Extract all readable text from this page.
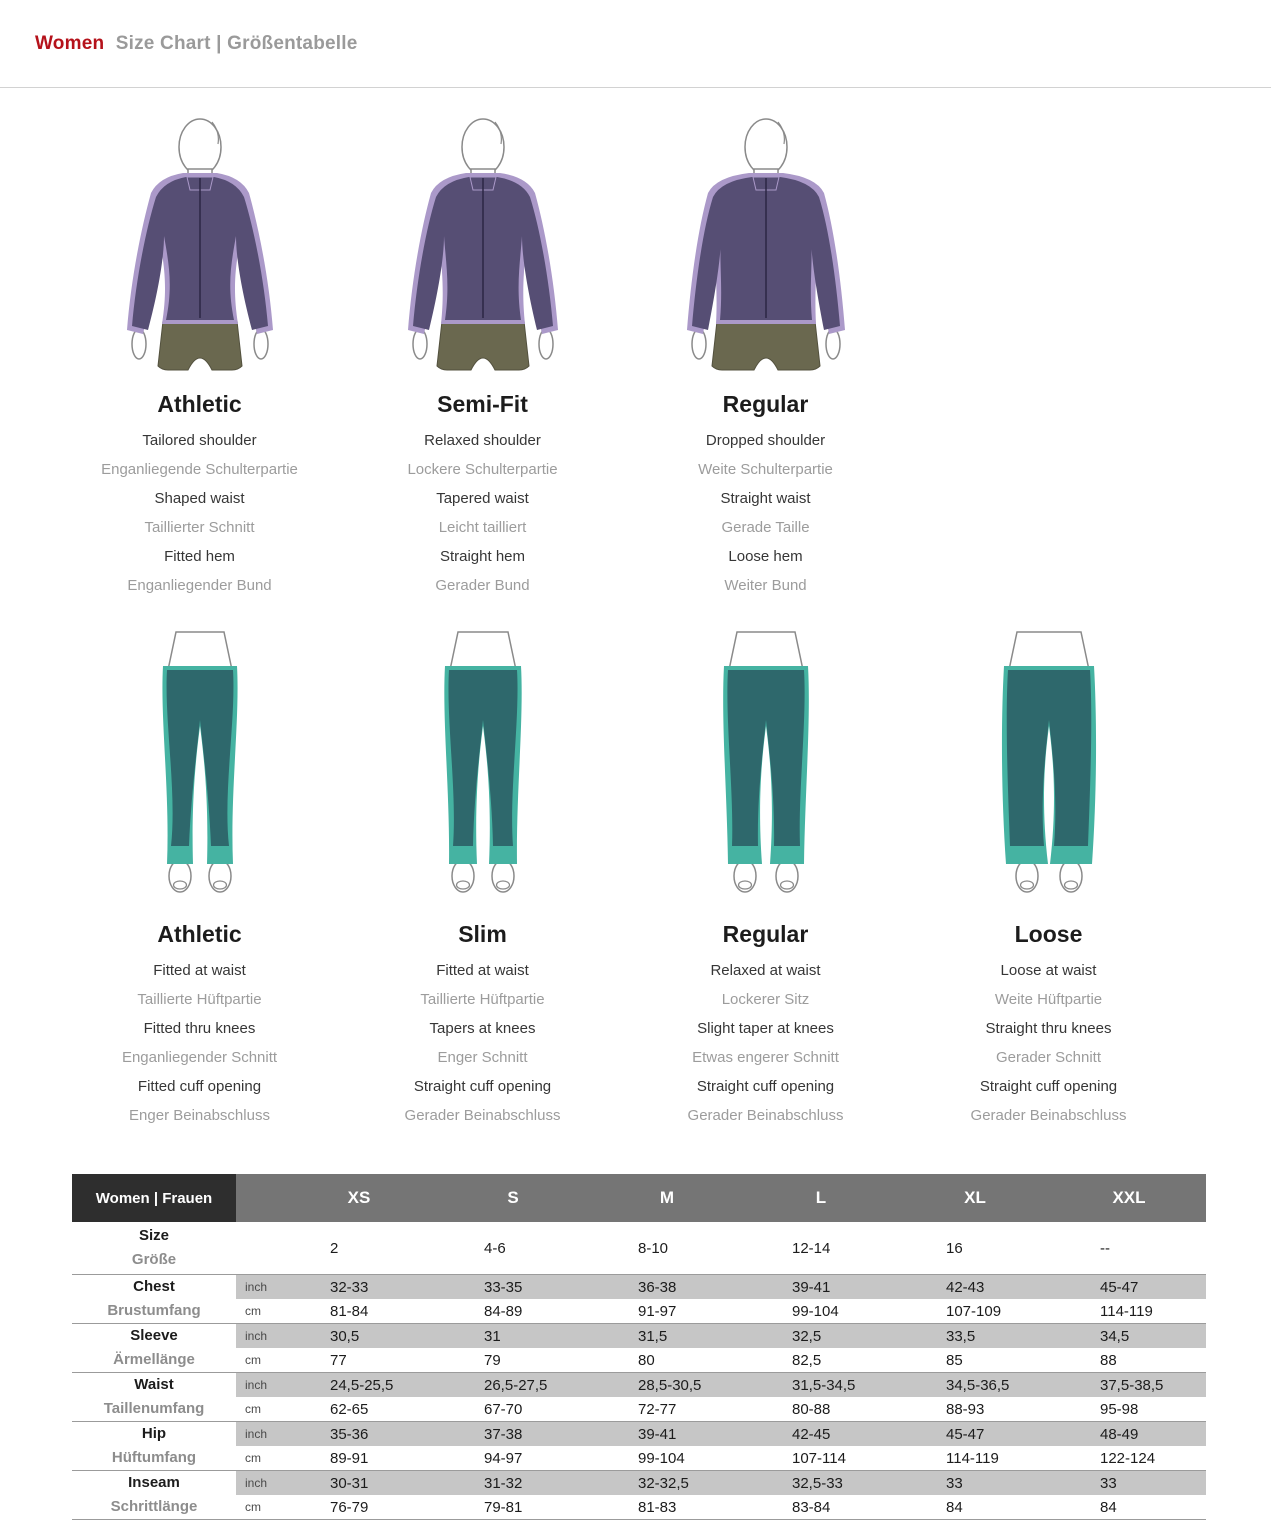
Women Size Chart | Größentabelle
Athletic

Tailored shoulder

Enganliegende Schulterpartie

Shaped waist

Taillierter Schnitt

Fitted hem

Enganliegender Bund

Semi-Fit

Relaxed shoulder

Lockere Schulterpartie

Tapered waist

Leicht tailliert

Straight hem

Gerader Bund

Regular

Dropped shoulder

Weite Schulterpartie

Straight waist

Gerade Taille

Loose hem

Weiter Bund

Athletic

Fitted at waist

Taillierte Hüftpartie

Fitted thru knees

Enganliegender Schnitt

Fitted cuff opening

Enger Beinabschluss

Slim

Fitted at waist

Taillierte Hüftpartie

Tapers at knees

Enger Schnitt

Straight cuff opening

Gerader Beinabschluss

Regular

Relaxed at waist

Lockerer Sitz

Slight taper at knees

Etwas engerer Schnitt

Straight cuff opening

Gerader Beinabschluss

Loose

Loose at waist

Weite Hüftpartie

Straight thru knees

Gerader Schnitt

Straight cuff opening

Gerader Beinabschluss

Women | Frauen		XS	S	M	L	XL	XXL

Size
Größe		2	4-6	8-10	12-14	16	--
Chest	inch	32-33	33-35	36-38	39-41	42-43	45-47
Brustumfang	cm	81-84	84-89	91-97	99-104	107-109	114-119
Sleeve	inch	30,5	31	31,5	32,5	33,5	34,5
Ärmellänge	cm	77	79	80	82,5	85	88
Waist	inch	24,5-25,5	26,5-27,5	28,5-30,5	31,5-34,5	34,5-36,5	37,5-38,5
Taillenumfang	cm	62-65	67-70	72-77	80-88	88-93	95-98
Hip	inch	35-36	37-38	39-41	42-45	45-47	48-49
Hüftumfang	cm	89-91	94-97	99-104	107-114	114-119	122-124
Inseam	inch	30-31	31-32	32-32,5	32,5-33	33	33
Schrittlänge	cm	76-79	79-81	81-83	83-84	84	84
